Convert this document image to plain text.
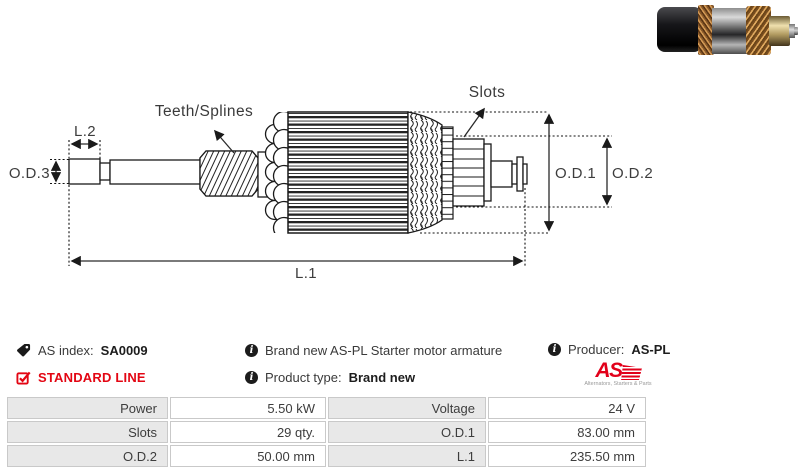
O.D.3
L.2
L.1
O.D.1 O.D.2
Teeth/Splines
Slots
AS index: SA0009
STANDARD LINE
i Brand new AS-PL Starter motor armature
i Product type: Brand new
i Producer: AS-PL
AS
Alternators, Starters & Parts
Power	5.50 kW	Voltage	24 V
Slots	29 qty.	O.D.1	83.00 mm
O.D.2	50.00 mm	L.1	235.50 mm
